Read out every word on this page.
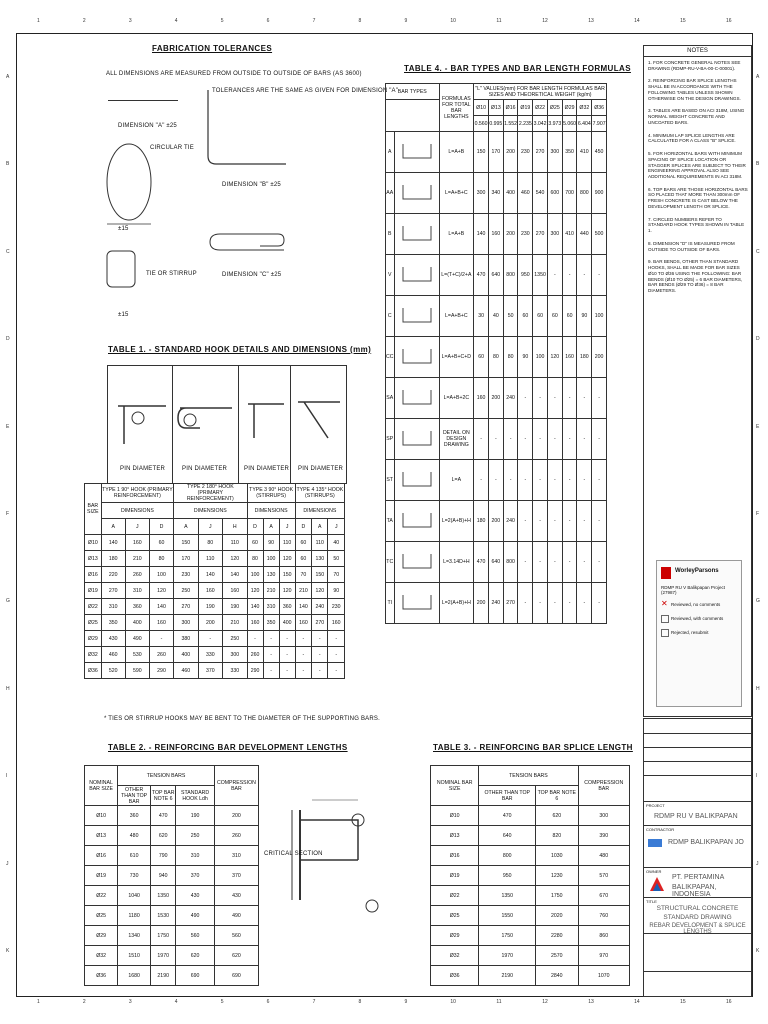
1
1
2
2
3
3
4
4
5
5
6
6
7
7
8
8
9
9
10
10
11
11
12
12
13
13
14
14
15
15
16
16
A	A
B	B
C	C
D	D
E	E
F	F
G	G
H	H
I	I
J	J
K	K
FABRICATION TOLERANCES
ALL DIMENSIONS ARE MEASURED FROM OUTSIDE TO OUTSIDE OF BARS (AS 3600)
DIMENSION "A" ±25
CIRCULAR TIE
±15
TIE OR STIRRUP
±15
TOLERANCES ARE THE SAME AS GIVEN FOR DIMENSION "A"
DIMENSION "B" ±25
DIMENSION "C" ±25
TABLE 1. - STANDARD HOOK DETAILS AND DIMENSIONS (mm)
PIN DIAMETER	PIN DIAMETER	PIN DIAMETER PIN DIAMETER
BAR SIZE	TYPE 1 90° HOOK (PRIMARY REINFORCEMENT)			TYPE 2 180° HOOK (PRIMARY REINFORCEMENT)			TYPE 3 90° HOOK (STIRRUPS)			TYPE 4 135° HOOK (STIRRUPS)		
	DIMENSIONS			DIMENSIONS			DIMENSIONS			DIMENSIONS		
	A	J	D	A	J	H	D	A	J	D	A	J
Ø10	140	160	60	150	80	110	60	90	110	60	110	40
Ø13	180	210	80	170	110	120	80	100	120	60	130	50
Ø16	220	260	100	230	140	140	100	130	150	70	150	70
Ø19	270	310	120	250	160	160	120	210	120	210	120	90
Ø22	310	360	140	270	190	190	140	310	360	140	240	230
Ø25	350	400	160	300	200	210	160	350	400	160	270	160
Ø29	430	490	-	380	-	250	-	-	-	-	-	-
Ø32	460	530	260	400	330	300	260	-	-	-	-	-
Ø36	520	590	290	460	370	330	290	-	-	-	-	-
* TIES OR STIRRUP HOOKS MAY BE BENT TO THE DIAMETER OF THE SUPPORTING BARS.
TABLE 2. - REINFORCING BAR DEVELOPMENT LENGTHS
NOMINAL BAR SIZE	TENSION BARS			COMPRESSION BAR
	OTHER THAN TOP BAR	TOP BAR NOTE 6	STANDARD HOOK Ldh	
Ø10	360	470	190	200
Ø13	480	620	250	260
Ø16	610	790	310	310
Ø19	730	940	370	370
Ø22	1040	1350	430	430
Ø25	1180	1530	490	490
Ø29	1340	1750	560	560
Ø32	1510	1970	620	620
Ø36	1680	2190	690	690
CRITICAL SECTION
TABLE 3. - REINFORCING BAR SPLICE LENGTH
NOMINAL BAR SIZE	TENSION BARS		COMPRESSION BAR
	OTHER THAN TOP BAR	TOP BAR NOTE 6	
Ø10	470	620	300
Ø13	640	820	390
Ø16	800	1030	480
Ø19	950	1230	570
Ø22	1350	1750	670
Ø25	1550	2020	760
Ø29	1750	2280	860
Ø32	1970	2570	970
Ø36	2190	2840	1070
TABLE 4. - BAR TYPES AND BAR LENGTH FORMULAS
BAR TYPES		FORMULAS FOR TOTAL BAR LENGTHS	"L" VALUES(mm) FOR BAR LENGTH FORMULAS BAR SIZES AND THEORETICAL WEIGHT (kg/m)								
			Ø10	Ø13	Ø16	Ø19	Ø22	Ø25	Ø29	Ø32	Ø36
			0.560	0.995	1.552	2.235	3.042	3.973	5.060	6.404	7.907
A		L=A+B	150	170	200	230	270	300	350	410	450
AA		L=A+B+C	300	340	400	460	540	600	700	800	900
B		L=A+B	140	160	200	230	270	300	410	440	500
V		L=(T+C)/2+A	470	640	800	950	1350	-	-	-	-
C		L=A+B+C	30	40	50	60	60	60	60	90	100
CC		L=A+B+C+D	60	80	80	90	100	120	160	180	200
SA		L=A+B+2C	160	200	240	-	-	-	-	-	-
SP		DETAIL ON DESIGN DRAWING	-	-	-	-	-	-	-	-	-
ST		L=A	-	-	-	-	-	-	-	-	-
TA		L=2(A+B)+H	180	200	240	-	-	-	-	-	-
TC		L=3.14D+H	470	640	800	-	-	-	-	-	-
TI		L=2(A+B)+H	200	240	270	-	-	-	-	-	-
NOTES
1. FOR CONCRETE GENERAL NOTES SEE DRAWING (RDMP-RU-V-BA-00-C-00001).
2. REINFORCING BAR SPLICE LENGTHS SHALL BE IN ACCORDANCE WITH THE FOLLOWING TABLES UNLESS SHOWN OTHERWISE ON THE DESIGN DRAWINGS.
3. TABLES ARE BASED ON ACI 318M, USING NORMAL WEIGHT CONCRETE AND UNCOATED BARS.
4. MINIMUM LAP SPLICE LENGTHS ARE CALCULATED FOR A CLASS "B" SPLICE.
5. FOR HORIZONTAL BARS WITH MINIMUM SPACING OF SPLICE LOCATION OR STAGGER SPLICES ARE SUBJECT TO THEIR ENGINEERING APPROVAL ALSO SEE ADDITIONAL REQUIREMENTS IN ACI 318M.
6. TOP BARS ARE THOSE HORIZONTAL BARS SO PLACED THAT MORE THAN 300mm OF FRESH CONCRETE IS CAST BELOW THE DEVELOPMENT LENGTH OR SPLICE.
7. CIRCLED NUMBERS REFER TO STANDARD HOOK TYPES SHOWN IN TABLE 1.
8. DIMENSION "D" IS MEASURED FROM OUTSIDE TO OUTSIDE OF BARS.
9. BAR BENDS, OTHER THAN STANDARD HOOKS, SHALL BE MADE FOR BAR SIZES Ø10 TO Ø36 USING THE FOLLOWING: BAR BENDS (Ø10 TO Ø25) = 6 BAR DIAMETERS, BAR BENDS (Ø29 TO Ø36) = 8 BAR DIAMETERS.
WorleyParsons
RDMP RU V Balikpapan Project (27987)
✕ Reviewed, no comments
Reviewed, with comments
Rejected, resubmit
PROJECT
RDMP RU V BALIKPAPAN
CONTRACTOR
RDMP BALIKPAPAN JO
OWNER
PT. PERTAMINA
BALIKPAPAN, INDONESIA
TITLE
STRUCTURAL CONCRETE
STANDARD DRAWING
REBAR DEVELOPMENT & SPLICE LENGTHS
